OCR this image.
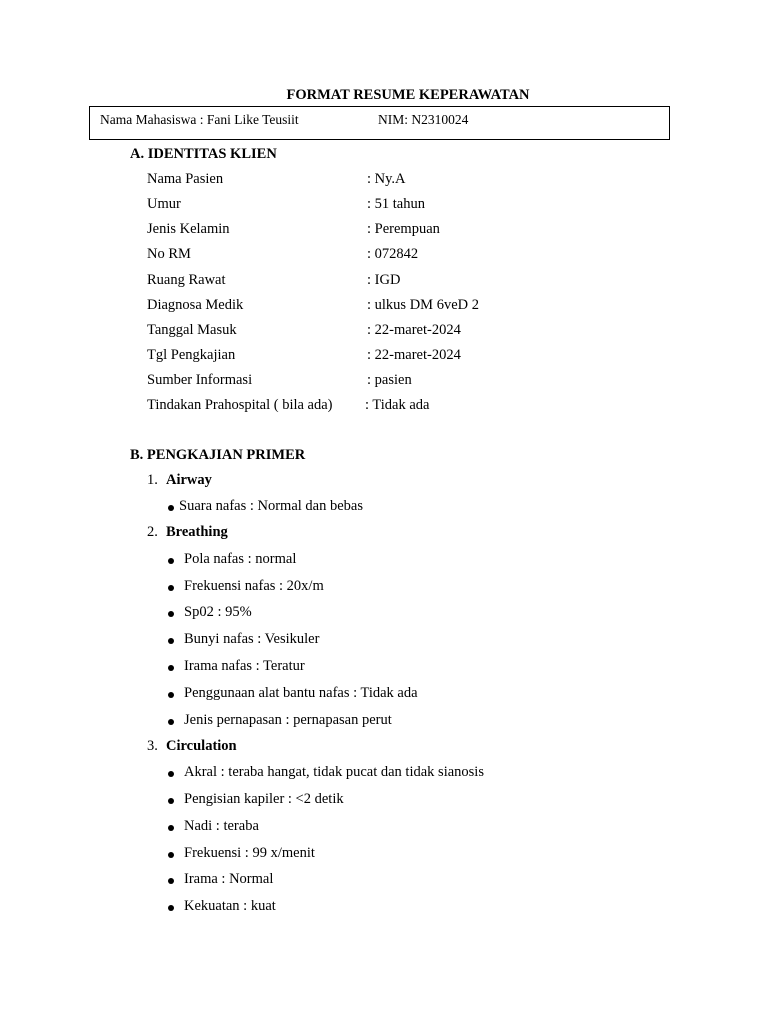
FORMAT RESUME KEPERAWATAN
Nama Mahasiswa : Fani Like Teusiit	NIM: N2310024
A. IDENTITAS KLIEN
Nama Pasien	: Ny.A
Umur	: 51 tahun
Jenis Kelamin	: Perempuan
No RM	: 072842
Ruang Rawat	: IGD
Diagnosa Medik	: ulkus DM 6veD 2
Tanggal Masuk	: 22-maret-2024
Tgl Pengkajian	: 22-maret-2024
Sumber Informasi	: pasien
Tindakan Prahospital ( bila ada) : Tidak ada
B. PENGKAJIAN PRIMER
1. Airway
Suara nafas : Normal dan bebas
2. Breathing
Pola nafas : normal
Frekuensi nafas : 20x/m
Sp02 : 95%
Bunyi nafas : Vesikuler
Irama nafas : Teratur
Penggunaan alat bantu nafas : Tidak ada
Jenis pernapasan : pernapasan perut
3. Circulation
Akral : teraba hangat, tidak pucat dan tidak sianosis
Pengisian kapiler : <2 detik
Nadi : teraba
Frekuensi : 99 x/menit
Irama : Normal
Kekuatan : kuat
